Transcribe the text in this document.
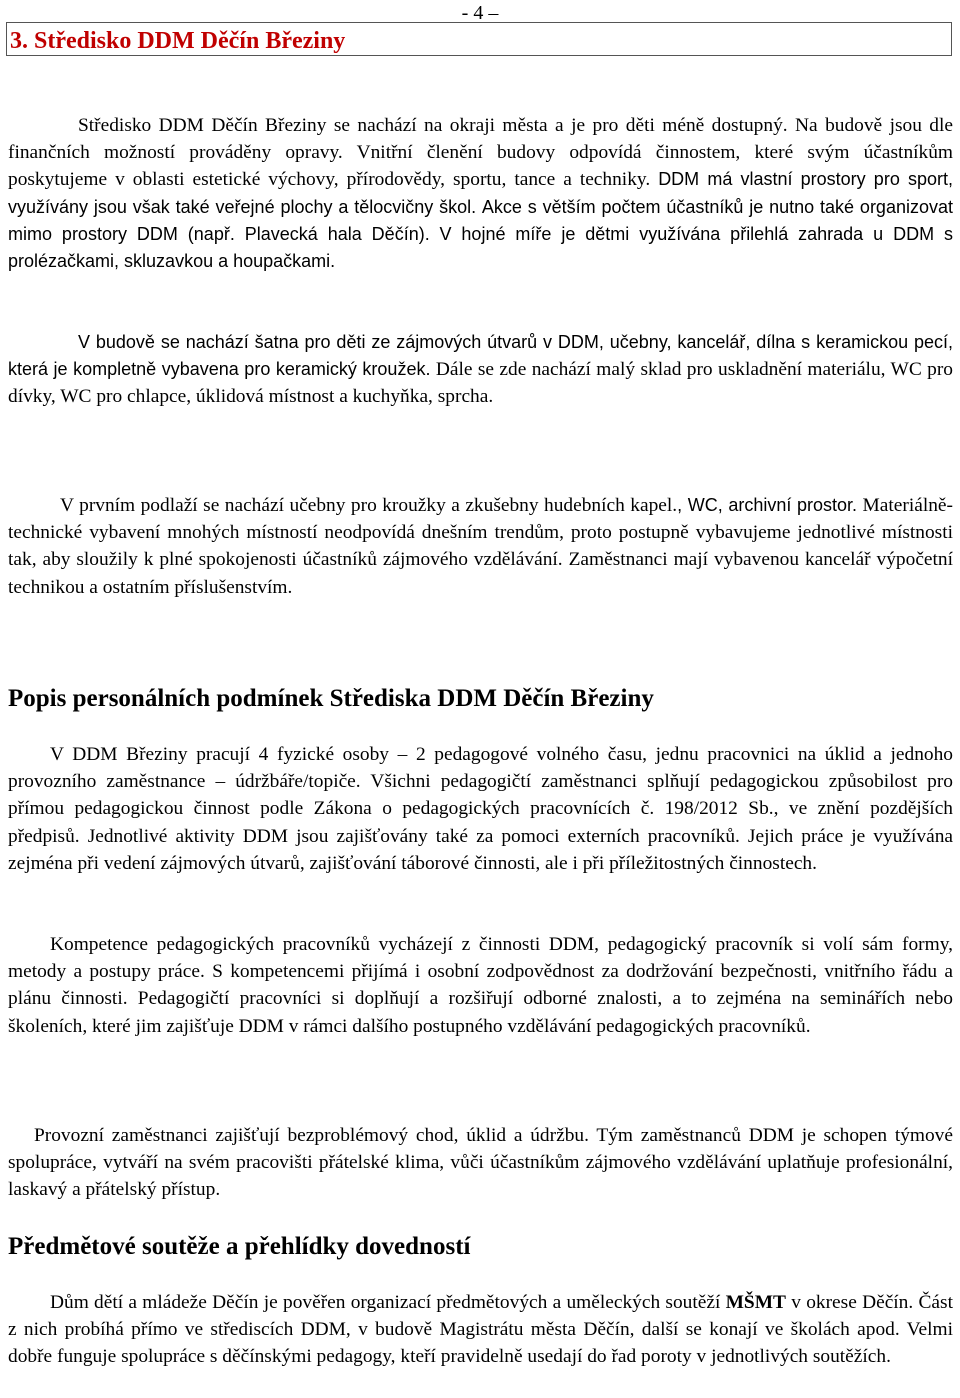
- 4 –
3. Středisko DDM Děčín Březiny

Středisko DDM Děčín Březiny se nachází na okraji města a je pro děti méně dostupný. Na budově jsou dle finančních možností prováděny opravy. Vnitřní členění budovy odpovídá činnostem, které svým účastníkům poskytujeme v oblasti estetické výchovy, přírodovědy, sportu, tance a techniky. DDM má vlastní prostory pro sport, využívány jsou však také veřejné plochy a tělocvičny škol. Akce s větším počtem účastníků je nutno také organizovat mimo prostory DDM (např. Plavecká hala Děčín). V hojné míře je dětmi využívána přilehlá zahrada u DDM s prolézačkami, skluzavkou a houpačkami.

V budově se nachází šatna pro děti ze zájmových útvarů v DDM, učebny, kancelář, dílna s keramickou pecí, která je kompletně vybavena pro keramický kroužek. Dále se zde nachází malý sklad pro uskladnění materiálu, WC pro dívky, WC pro chlapce, úklidová místnost a kuchyňka, sprcha.

V prvním podlaží se nachází učebny pro kroužky a zkušebny hudebních kapel., WC, archivní prostor. Materiálně-technické vybavení mnohých místností neodpovídá dnešním trendům, proto postupně vybavujeme jednotlivé místnosti tak, aby sloužily k plné spokojenosti účastníků zájmového vzdělávání. Zaměstnanci mají vybavenou kancelář výpočetní technikou a ostatním příslušenstvím.

Popis personálních podmínek Střediska DDM Děčín Březiny

V DDM Březiny pracují 4 fyzické osoby – 2 pedagogové volného času, jednu pracovnici na úklid a jednoho provozního zaměstnance – údržbáře/topiče. Všichni pedagogičtí zaměstnanci splňují pedagogickou způsobilost pro přímou pedagogickou činnost podle Zákona o pedagogických pracovnících č. 198/2012 Sb., ve znění pozdějších předpisů. Jednotlivé aktivity DDM jsou zajišťovány také za pomoci externích pracovníků. Jejich práce je využívána zejména při vedení zájmových útvarů, zajišťování táborové činnosti, ale i při příležitostných činnostech.

Kompetence pedagogických pracovníků vycházejí z činnosti DDM, pedagogický pracovník si volí sám formy, metody a postupy práce. S kompetencemi přijímá i osobní zodpovědnost za dodržování bezpečnosti, vnitřního řádu a plánu činnosti. Pedagogičtí pracovníci si doplňují a rozšiřují odborné znalosti, a to zejména na seminářích nebo školeních, které jim zajišťuje DDM v rámci dalšího postupného vzdělávání pedagogických pracovníků.

Provozní zaměstnanci zajišťují bezproblémový chod, úklid a údržbu. Tým zaměstnanců DDM je schopen týmové spolupráce, vytváří na svém pracovišti přátelské klima, vůči účastníkům zájmového vzdělávání uplatňuje profesionální, laskavý a přátelský přístup.

Předmětové soutěže a přehlídky dovedností

Dům dětí a mládeže Děčín je pověřen organizací předmětových a uměleckých soutěží MŠMT v okrese Děčín. Část z nich probíhá přímo ve střediscích DDM, v budově Magistrátu města Děčín, další se konají ve školách apod. Velmi dobře funguje spolupráce s děčínskými pedagogy, kteří pravidelně usedají do řad poroty v jednotlivých soutěžích.
